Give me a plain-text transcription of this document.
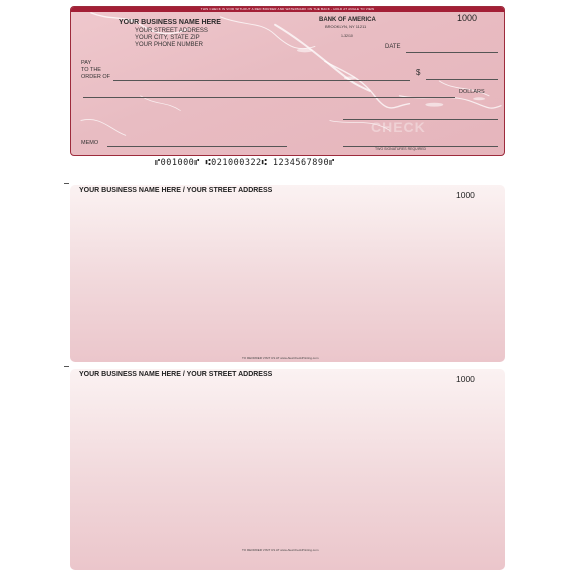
THIS CHECK IS VOID WITHOUT A RED BORDER AND WATERMARK ON THE BACK - HOLD AT ANGLE TO VIEW
YOUR BUSINESS NAME HERE
YOUR STREET ADDRESS
YOUR CITY, STATE ZIP
YOUR PHONE NUMBER
BANK OF AMERICA
BROOKLYN, NY 11211
1-32/10
1000
DATE
PAY
TO THE
ORDER OF	$
DOLLARS
CHECK
MEMO
TWO SIGNATURES REQUIRED
⑈001000⑈ ⑆021000322⑆ 1234567890⑈
YOUR BUSINESS NAME HERE / YOUR STREET ADDRESS	1000
TO REORDER VISIT US AT www.AlexCheckPrinting.com
YOUR BUSINESS NAME HERE / YOUR STREET ADDRESS	1000
TO REORDER VISIT US AT www.AlexCheckPrinting.com
